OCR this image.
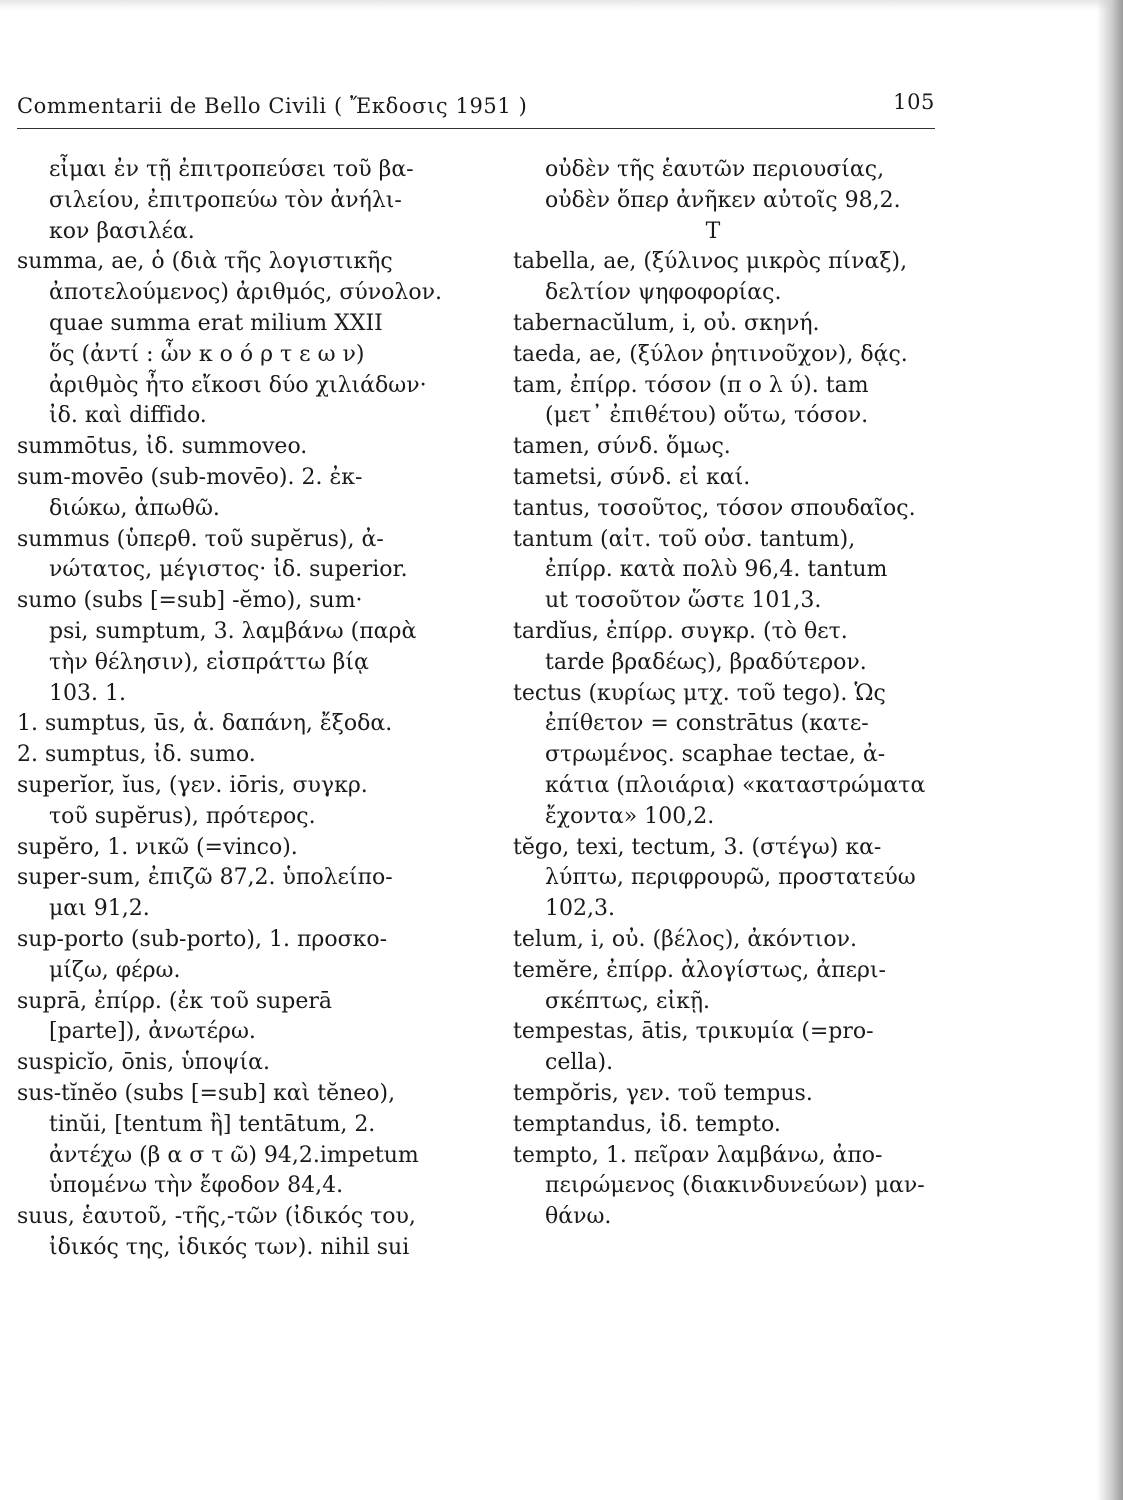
Commentarii de Bello Civili ( Ἔκδοσις 1951 )	105
εἶμαι ἐν τῇ ἐπιτροπεύσει τοῦ βα-
σιλείου, ἐπιτροπεύω τὸν ἀνήλι-
κον βασιλέα.
summa, ae, ὁ (διὰ τῆς λογιστικῆς
ἀποτελούμενος) ἀριθμός, σύνολον.
quae summa erat milium XXII
ὅς (ἀντί : ὧν κ ο ό ρ τ ε ω ν)
ἀριθμὸς ἦτο εἴκοσι δύο χιλιάδων·
ἰδ. καὶ diffido.
summōtus, ἰδ. summoveo.
sum-movēo (sub-movēo). 2. ἐκ-
διώκω, ἀπωθῶ.
summus (ὑπερθ. τοῦ supĕrus), ἀ-
νώτατος, μέγιστος· ἰδ. superior.
sumo (subs [=sub] -ĕmo), sum·
psi, sumptum, 3. λαμβάνω (παρὰ
τὴν θέλησιν), εἰσπράττω βίᾳ
103. 1.
1. sumptus, ūs, ἁ. δαπάνη, ἔξοδα.
2. sumptus, ἰδ. sumo.
superĭor, ĭus, (γεν. iōris, συγκρ.
τοῦ supĕrus), πρότερος.
supĕro, 1. νικῶ (=vinco).
super-sum, ἐπιζῶ 87,2. ὑπολείπο-
μαι 91,2.
sup-porto (sub-porto), 1. προσκο-
μίζω, φέρω.
suprā, ἐπίρρ. (ἐκ τοῦ superā
[parte]), ἀνωτέρω.
suspicĭo, ōnis, ὑποψία.
sus-tĭnĕo (subs [=sub] καὶ tĕneo),
tinŭi, [tentum ἢ] tentātum, 2.
ἀντέχω (β α σ τ ῶ) 94,2.impetum
ὑπομένω τὴν ἔφοδον 84,4.
suus, ἑαυτοῦ, -τῆς,-τῶν (ἰδικός του,
ἰδικός της, ἰδικός των). nihil sui
οὐδὲν τῆς ἑαυτῶν περιουσίας,
οὐδὲν ὅπερ ἀνῆκεν αὐτοῖς 98,2.
T
tabella, ae, (ξύλινος μικρὸς πίναξ),
δελτίον ψηφοφορίας.
tabernacŭlum, i, οὐ. σκηνή.
taeda, ae, (ξύλον ῥητινοῦχον), δᾴς.
tam, ἐπίρρ. τόσον (π ο λ ύ). tam
(μετ᾽ ἐπιθέτου) οὕτω, τόσον.
tamen, σύνδ. ὅμως.
tametsi, σύνδ. εἰ καί.
tantus, τοσοῦτος, τόσον σπουδαῖος.
tantum (αἰτ. τοῦ οὐσ. tantum),
ἐπίρρ. κατὰ πολὺ 96,4. tantum
ut τοσοῦτον ὥστε 101,3.
tardĭus, ἐπίρρ. συγκρ. (τὸ θετ.
tarde βραδέως), βραδύτερον.
tectus (κυρίως μτχ. τοῦ tego). Ὡς
ἐπίθετον = constrātus (κατε-
στρωμένος. scaphae tectae, ἀ-
κάτια (πλοιάρια) «καταστρώματα
ἔχοντα» 100,2.
tĕgo, texi, tectum, 3. (στέγω) κα-
λύπτω, περιφρουρῶ, προστατεύω
102,3.
telum, i, οὐ. (βέλος), ἀκόντιον.
temĕre, ἐπίρρ. ἀλογίστως, ἀπερι-
σκέπτως, εἰκῇ.
tempestas, ātis, τρικυμία (=pro-
cella).
tempŏris, γεν. τοῦ tempus.
temptandus, ἰδ. tempto.
tempto, 1. πεῖραν λαμβάνω, ἀπο-
πειρώμενος (διακινδυνεύων) μαν-
θάνω.
